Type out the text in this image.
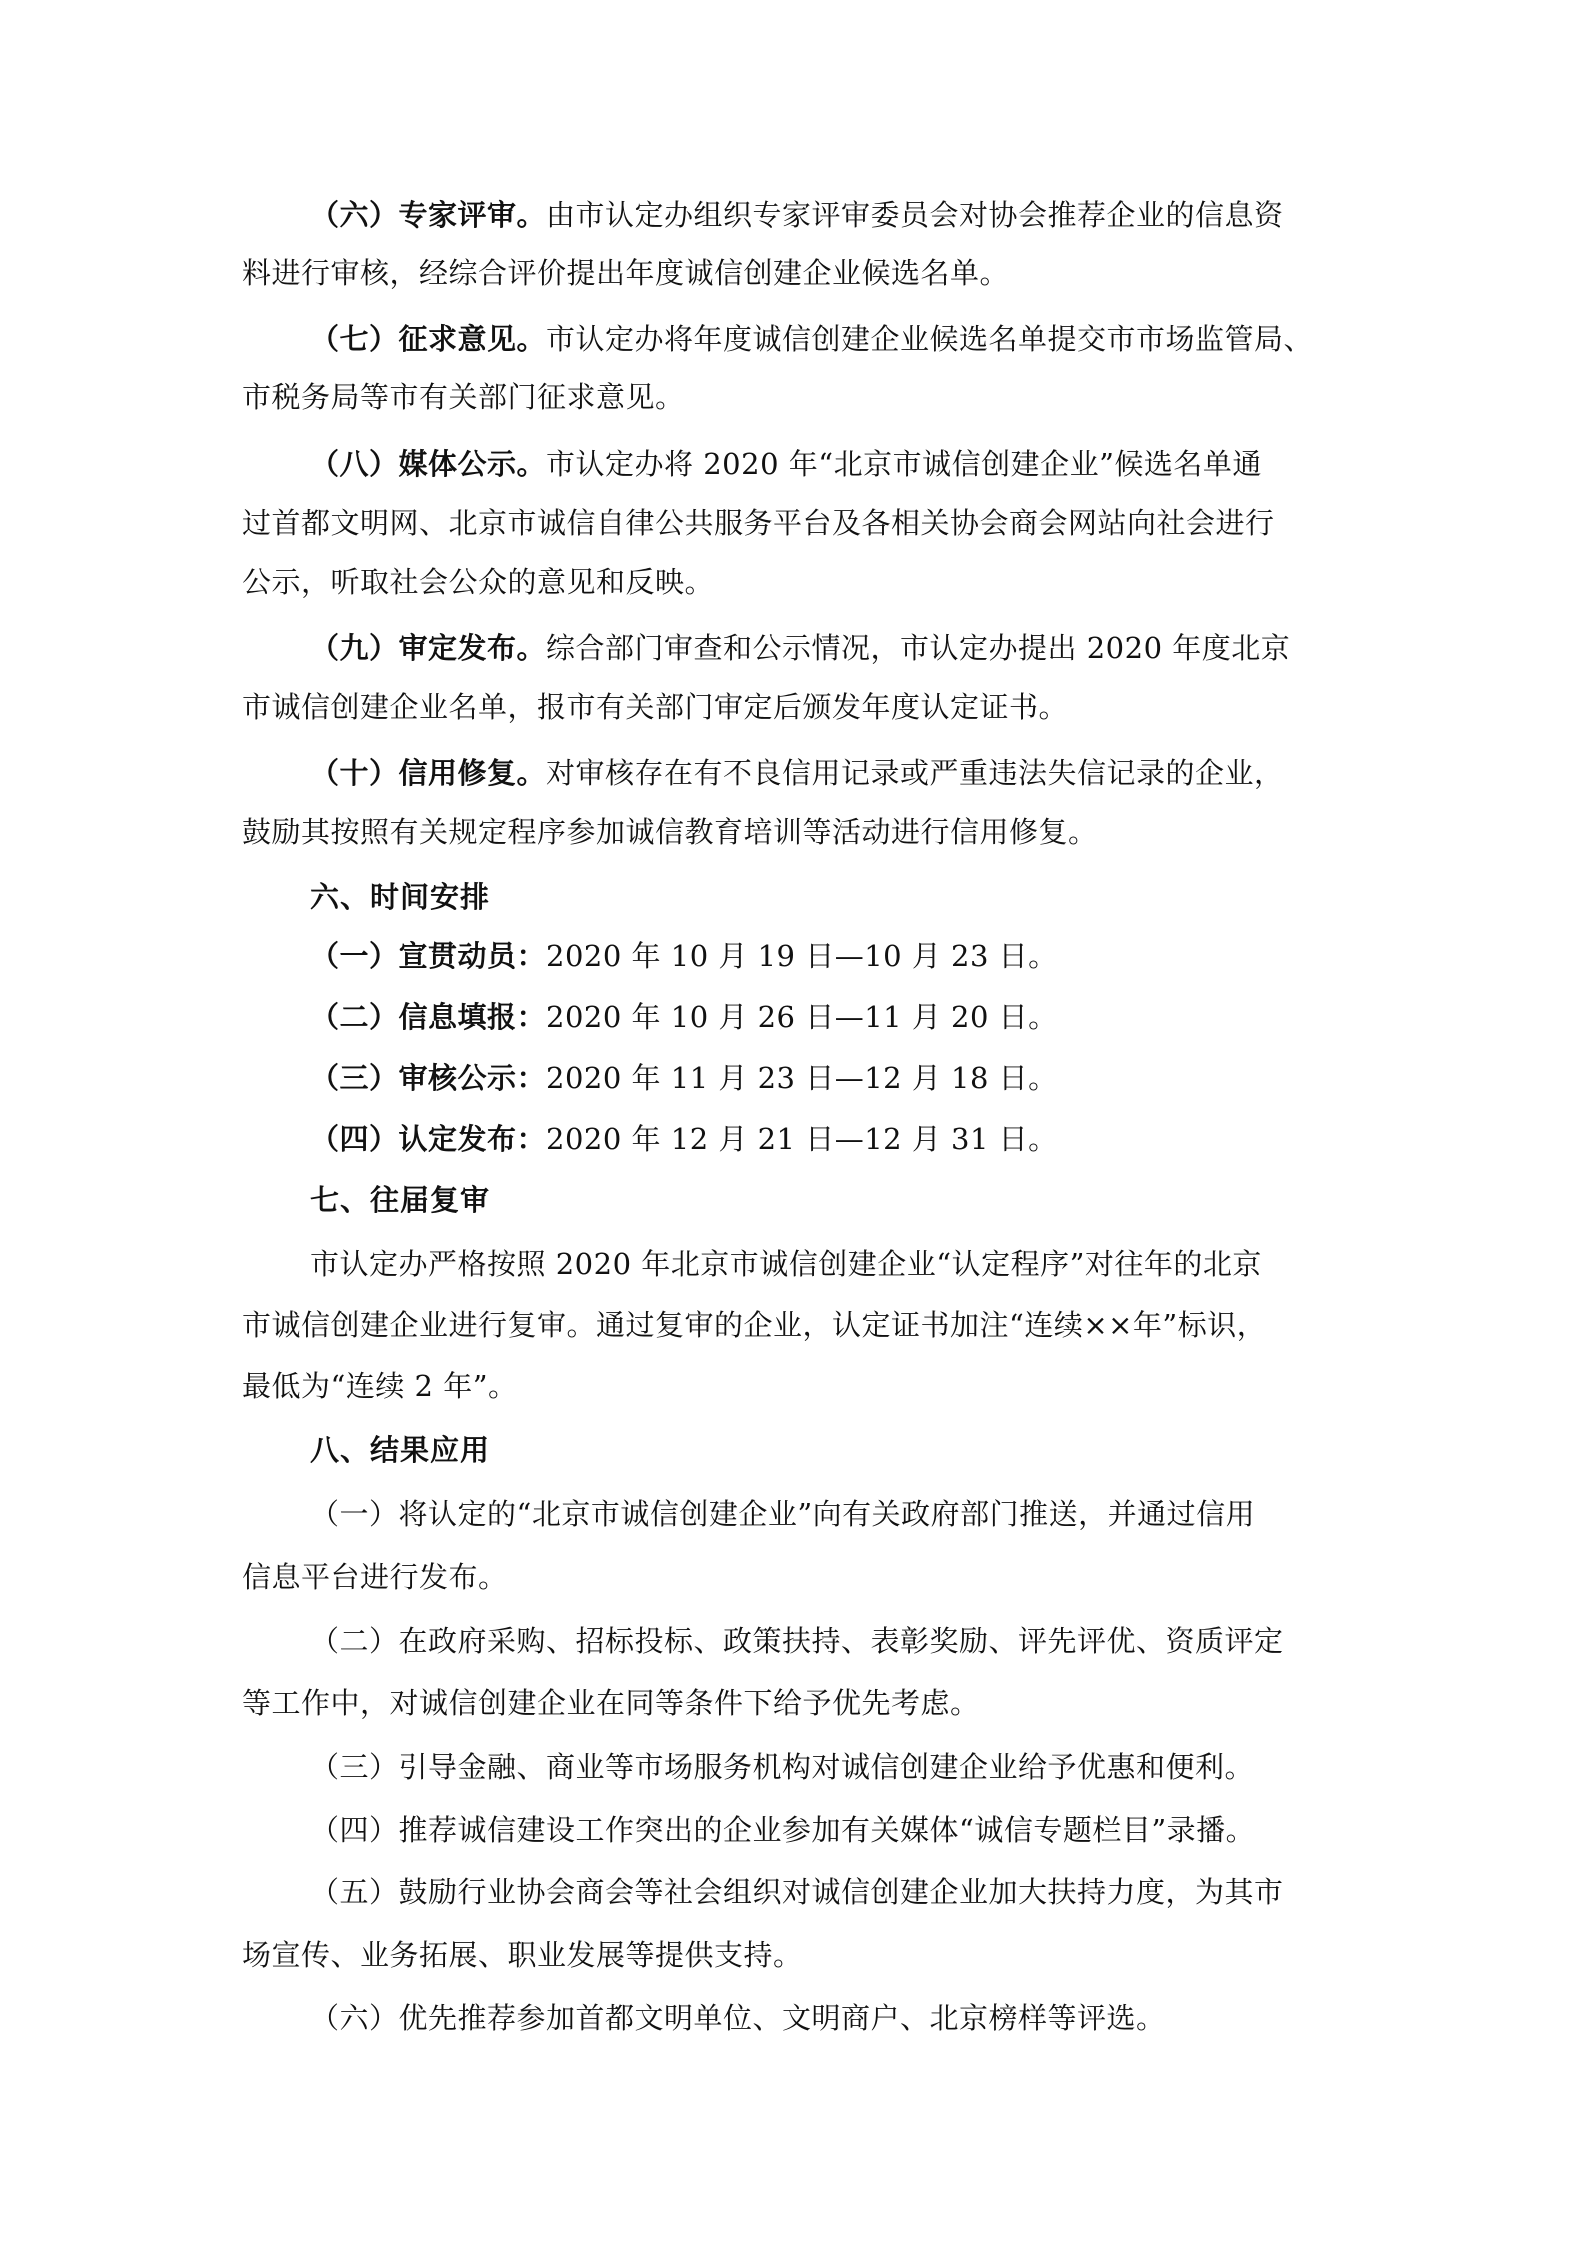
（六）专家评审。由市认定办组织专家评审委员会对协会推荐企业的信息资
料进行审核，经综合评价提出年度诚信创建企业候选名单。
（七）征求意见。市认定办将年度诚信创建企业候选名单提交市市场监管局、
市税务局等市有关部门征求意见。
（八）媒体公示。市认定办将 2020 年“北京市诚信创建企业”候选名单通
过首都文明网、北京市诚信自律公共服务平台及各相关协会商会网站向社会进行
公示，听取社会公众的意见和反映。
（九）审定发布。综合部门审查和公示情况，市认定办提出 2020 年度北京
市诚信创建企业名单，报市有关部门审定后颁发年度认定证书。
（十）信用修复。对审核存在有不良信用记录或严重违法失信记录的企业，
鼓励其按照有关规定程序参加诚信教育培训等活动进行信用修复。
六、时间安排
（一）宣贯动员：2020 年 10 月 19 日—10 月 23 日。
（二）信息填报：2020 年 10 月 26 日—11 月 20 日。
（三）审核公示：2020 年 11 月 23 日—12 月 18 日。
（四）认定发布：2020 年 12 月 21 日—12 月 31 日。
七、往届复审
市认定办严格按照 2020 年北京市诚信创建企业“认定程序”对往年的北京
市诚信创建企业进行复审。通过复审的企业，认定证书加注“连续××年”标识，
最低为“连续 2 年”。
八、结果应用
（一）将认定的“北京市诚信创建企业”向有关政府部门推送，并通过信用
信息平台进行发布。
（二）在政府采购、招标投标、政策扶持、表彰奖励、评先评优、资质评定
等工作中，对诚信创建企业在同等条件下给予优先考虑。
（三）引导金融、商业等市场服务机构对诚信创建企业给予优惠和便利。
（四）推荐诚信建设工作突出的企业参加有关媒体“诚信专题栏目”录播。
（五）鼓励行业协会商会等社会组织对诚信创建企业加大扶持力度，为其市
场宣传、业务拓展、职业发展等提供支持。
（六）优先推荐参加首都文明单位、文明商户、北京榜样等评选。
